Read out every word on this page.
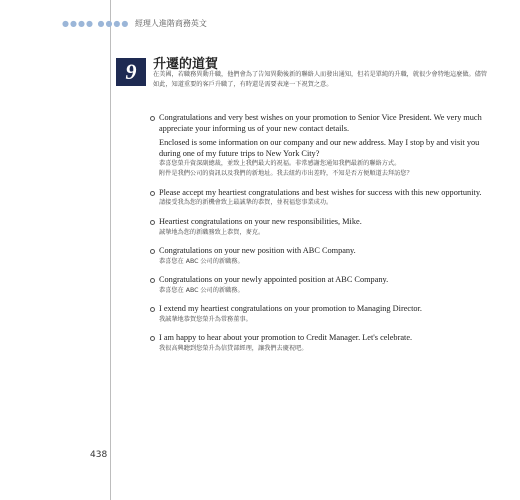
●●●● ●●●● 經理人進階商務英文
9	升遷的道賀
在美國，若職務異動升職，他們會為了告知異動後新的聯絡人而發出通知，但若是單純的升職，就很少會特地這麼做。儘管如此，知道重要的客戶升職了，有時還是需要表達一下祝賀之意。

Congratulations and very best wishes on your promotion to Senior Vice President. We very much appreciate your informing us of your new contact details.

Enclosed is some information on our company and our new address. May I stop by and visit you during one of my future trips to New York City?

恭喜您榮升資深副總裁，並致上我們最大的祝福。非常感謝您通知我們最新的聯絡方式。

附件是我們公司的資訊以及我們的新地址。我去紐約市出差時，不知是否方便順道去拜訪您？

Please accept my heartiest congratulations and best wishes for success with this new opportunity.

請接受我為您的新機會致上最誠摯的恭賀，並祝福您事業成功。

Heartiest congratulations on your new responsibilities, Mike.

誠摯地為您的新職務致上恭賀，麥克。

Congratulations on your new position with ABC Company.

恭喜您在 ABC 公司的新職務。

Congratulations on your newly appointed position at ABC Company.

恭喜您在 ABC 公司的新職務。

I extend my heartiest congratulations on your promotion to Managing Director.

我誠摯地恭賀您榮升為常務董事。

I am happy to hear about your promotion to Credit Manager. Let's celebrate.

我很高興聽到您榮升為信貸部經理，讓我們去慶祝吧。

438
